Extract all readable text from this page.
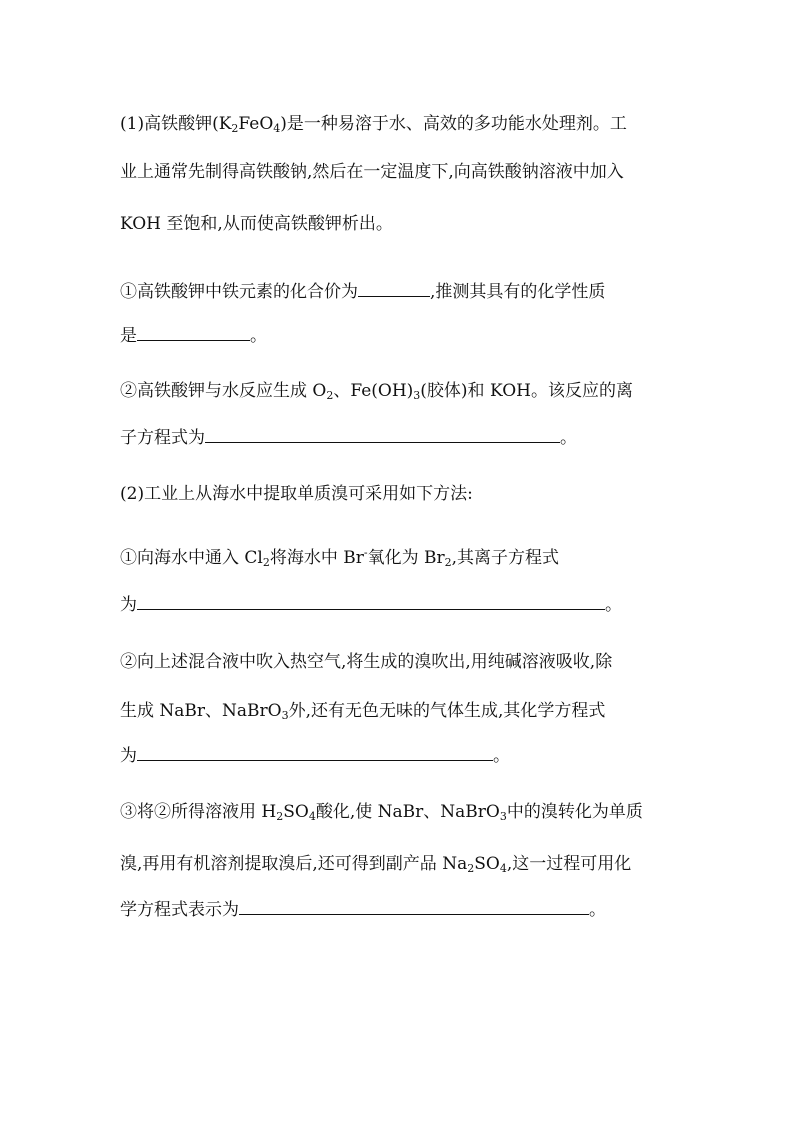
(1)高铁酸钾$(K_2FeO_4)$是一种易溶于水、高效的多功能水处理剂。工
业上通常先制得高铁酸钠,然后在一定温度下,向高铁酸钠溶液中加入
KOH 至饱和,从而使高铁酸钾析出。
①高铁酸钾中铁元素的化合价为	,推测其具有的化学性质
是	。
②高铁酸钾与水反应生成 $O_2$、$Fe(OH)_3$(胶体)和 KOH。该反应的离
子方程式为	。
(2)工业上从海水中提取单质溴可采用如下方法:
①向海水中通入 $Cl_2$将海水中 Br-氧化为 $Br_2$,其离子方程式
为	。
②向上述混合液中吹入热空气,将生成的溴吹出,用纯碱溶液吸收,除
生成 NaBr、NaBrO$_3$外,还有无色无味的气体生成,其化学方程式
为	。
③将②所得溶液用 $H_2SO_4$酸化,使 NaBr、NaBrO$_3$中的溴转化为单质
溴,再用有机溶剂提取溴后,还可得到副产品 $Na_2SO_4$,这一过程可用化
学方程式表示为	。
